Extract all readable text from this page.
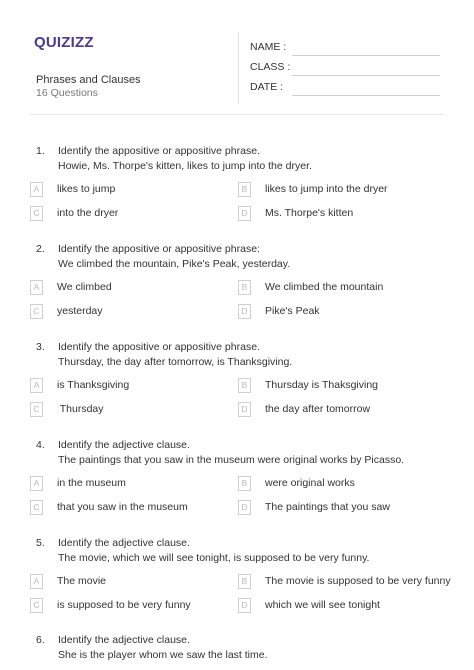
QUIZIZZ
Phrases and Clauses
16 Questions
NAME :
CLASS :
DATE :
1. Identify the appositive or appositive phrase.
Howie, Ms. Thorpe's kitten, likes to jump into the dryer.
A	likes to jump	B	likes to jump into the dryer
C	into the dryer	D	Ms. Thorpe's kitten
2. Identify the appositive or appositive phrase:
We climbed the mountain, Pike's Peak, yesterday.
A	We climbed	B	We climbed the mountain
C	yesterday	D	Pike's Peak
3. Identify the appositive or appositive phrase.
Thursday, the day after tomorrow, is Thanksgiving.
A	is Thanksgiving	B	Thursday is Thaksgiving
C	Thursday	D	the day after tomorrow
4. Identify the adjective clause.
The paintings that you saw in the museum were original works by Picasso.
A	in the museum	B	were original works
C	that you saw in the museum	D	The paintings that you saw
5. Identify the adjective clause.
The movie, which we will see tonight, is supposed to be very funny.
A	The movie	B	The movie is supposed to be very funny
C	is supposed to be very funny	D	which we will see tonight
6. Identify the adjective clause.
She is the player whom we saw the last time.
